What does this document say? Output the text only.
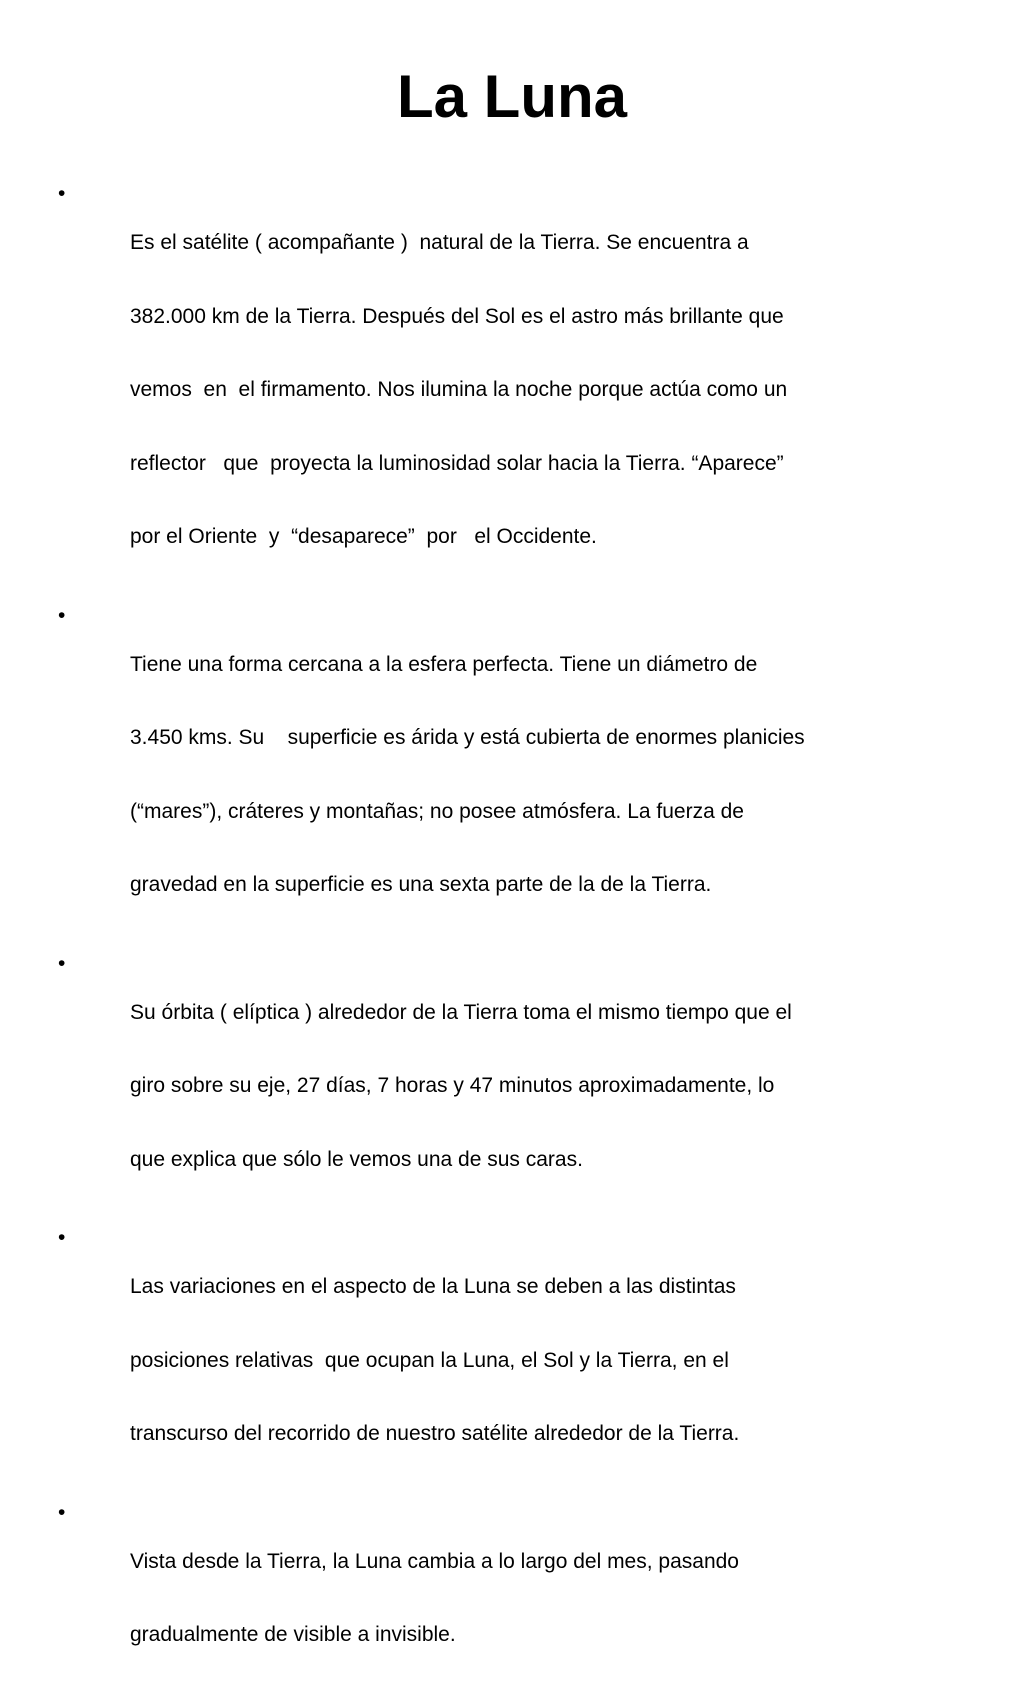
La Luna
•

Es el satélite ( acompañante )  natural de la Tierra. Se encuentra a

382.000 km de la Tierra. Después del Sol es el astro más brillante que

vemos  en  el firmamento. Nos ilumina la noche porque actúa como un

reflector   que  proyecta la luminosidad solar hacia la Tierra. “Aparece”

por el Oriente  y  “desaparece”  por   el Occidente.

•

Tiene una forma cercana a la esfera perfecta. Tiene un diámetro de

3.450 kms. Su    superficie es árida y está cubierta de enormes planicies

(“mares”), cráteres y montañas; no posee atmósfera. La fuerza de

gravedad en la superficie es una sexta parte de la de la Tierra.

•

Su órbita ( elíptica ) alrededor de la Tierra toma el mismo tiempo que el

giro sobre su eje, 27 días, 7 horas y 47 minutos aproximadamente, lo

que explica que sólo le vemos una de sus caras.

•

Las variaciones en el aspecto de la Luna se deben a las distintas

posiciones relativas  que ocupan la Luna, el Sol y la Tierra, en el

transcurso del recorrido de nuestro satélite alrededor de la Tierra.

•

Vista desde la Tierra, la Luna cambia a lo largo del mes, pasando

gradualmente de visible a invisible.
